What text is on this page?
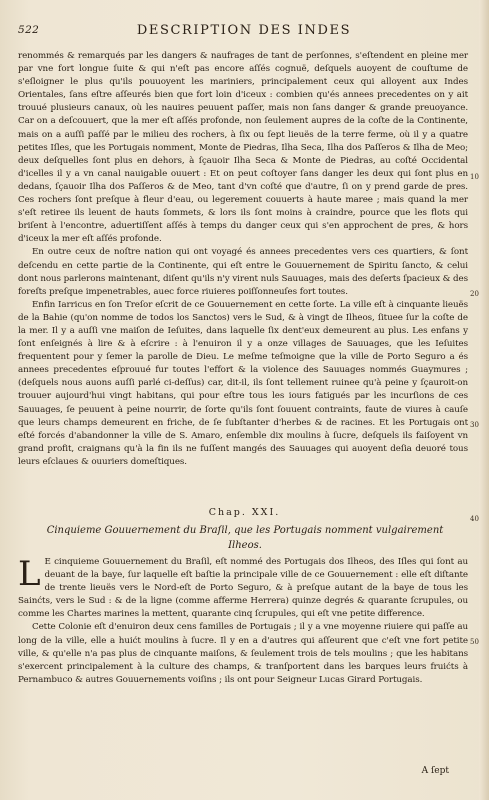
522	DESCRIPTION DES INDES

renommés & remarqués par les dangers & naufrages de tant de perſonnes, s'eſtendent en pleine mer par vne fort longue ſuite & qui n'eſt pas encore aſſés cognuë, deſquels auoyent de couſtume de s'eſloigner le plus qu'ils pouuoyent les mariniers, principalement ceux qui alloyent aux Indes Orientales, ſans eſtre aſſeurés bien que fort loin d'iceux : combien qu'és annees precedentes on y ait trouué plusieurs canaux, où les nauires peuuent paſſer, mais non ſans danger & grande preuoyance. Car on a deſcouuert, que la mer eſt aſſés profonde, non ſeulement aupres de la coſte de la Continente, mais on a auſſi paſſé par le milieu des rochers, à ſix ou ſept lieuës de la terre ferme, où il y a quatre petites Iſles, que les Portugais nomment, Monte de Piedras, Ilha Seca, Ilha dos Paſſeros & Ilha de Meo; deux deſquelles ſont plus en dehors, à ſçauoir Ilha Seca & Monte de Piedras, au coſté Occidental d'icelles il y a vn canal nauigable ouuert : Et on peut coſtoyer ſans danger les deux qui ſont plus en dedans, ſçauoir Ilha dos Paſſeros & de Meo, tant d'vn coſté que d'autre, ſi on y prend garde de pres. Ces rochers ſont preſque à fleur d'eau, ou legerement couuerts à haute maree ; mais quand la mer s'eſt retiree ils leuent de hauts ſommets, & lors ils ſont moins à craindre, pource que les flots qui briſent à l'encontre, aduertiſſent aſſés à temps du danger ceux qui s'en approchent de pres, & hors d'iceux la mer eſt aſſés profonde.

En outre ceux de noſtre nation qui ont voyagé és annees precedentes vers ces quartiers, & ſont deſcendu en cette partie de la Continente, qui eſt entre le Gouuernement de Spiritu ſancto, & celui dont nous parlerons maintenant, diſent qu'ils n'y virent nuls Sauuages, mais des deſerts ſpacieux & des foreſts preſque impenetrables, auec force riuieres poiſſonneuſes fort toutes.

Enfin Iarricus en ſon Treſor eſcrit de ce Gouuernement en cette ſorte. La ville eſt à cinquante lieuës de la Bahie (qu'on nomme de todos los Sanctos) vers le Sud, & à vingt de Ilheos, ſituee ſur la coſte de la mer. Il y a auſſi vne maiſon de Ieſuites, dans laquelle ſix dent'eux demeurent au plus. Les enfans y ſont enſeignés à lire & à eſcrire : à l'enuiron il y a onze villages de Sauuages, que les Ieſuites frequentent pour y ſemer la parolle de Dieu. Le meſme teſmoigne que la ville de Porto Seguro a és annees precedentes eſprouué fur toutes l'effort & la violence des Sauuages nommés Guaymures ; (deſquels nous auons auſſi parlé ci-deſſus) car, dit-il, ils ſont tellement ruinee qu'à peine y ſçauroit-on trouuer aujourd'hui vingt habitans, qui pour eſtre tous les iours fatigués par les incurſions de ces Sauuages, ſe peuuent à peine nourrir, de ſorte qu'ils ſont ſouuent contraints, faute de viures à cauſe que leurs champs demeurent en friche, de ſe ſubſtanter d'herbes & de racines. Et les Portugais ont eſté forcés d'abandonner la ville de S. Amaro, enſemble dix moulins à ſucre, deſquels ils faiſoyent vn grand profit, craignans qu'à la fin ils ne fuſſent mangés des Sauuages qui auoyent deſia deuoré tous leurs eſclaues & ouuriers domeſtiques.

Chap. XXI.
Cinquieme Gouuernement du Braſil, que les Portugais nomment vulgairement Ilheos.

L E cinquieme Gouuernement du Braſil, eſt nommé des Portugais dos Ilheos, des Iſles qui ſont au deuant de la baye, ſur laquelle eſt baſtie la principale ville de ce Gouuernement : elle eſt diſtante de trente lieuës vers le Nord-eſt de Porto Seguro, & à preſque autant de la baye de tous les Sainćts, vers le Sud : & de la ligne (comme afferme Herrera) quinze degrés & quarante ſcrupules, ou comme les Chartes marines la mettent, quarante cinq ſcrupules, qui eſt vne petite difference.

Cette Colonie eſt d'enuiron deux cens familles de Portugais ; il y a vne moyenne riuiere qui paſſe au long de la ville, elle a huićt moulins à ſucre. Il y en a d'autres qui aſſeurent que c'eſt vne fort petite ville, & qu'elle n'a pas plus de cinquante maiſons, & ſeulement trois de tels moulins ; que les habitans s'exercent principalement à la culture des champs, & tranſportent dans les barques leurs fruićts à Pernambuco & autres Gouuernements voiſins ; ils ont pour Seigneur Lucas Girard Portugais.

10
20
30
40
50
A ſept
